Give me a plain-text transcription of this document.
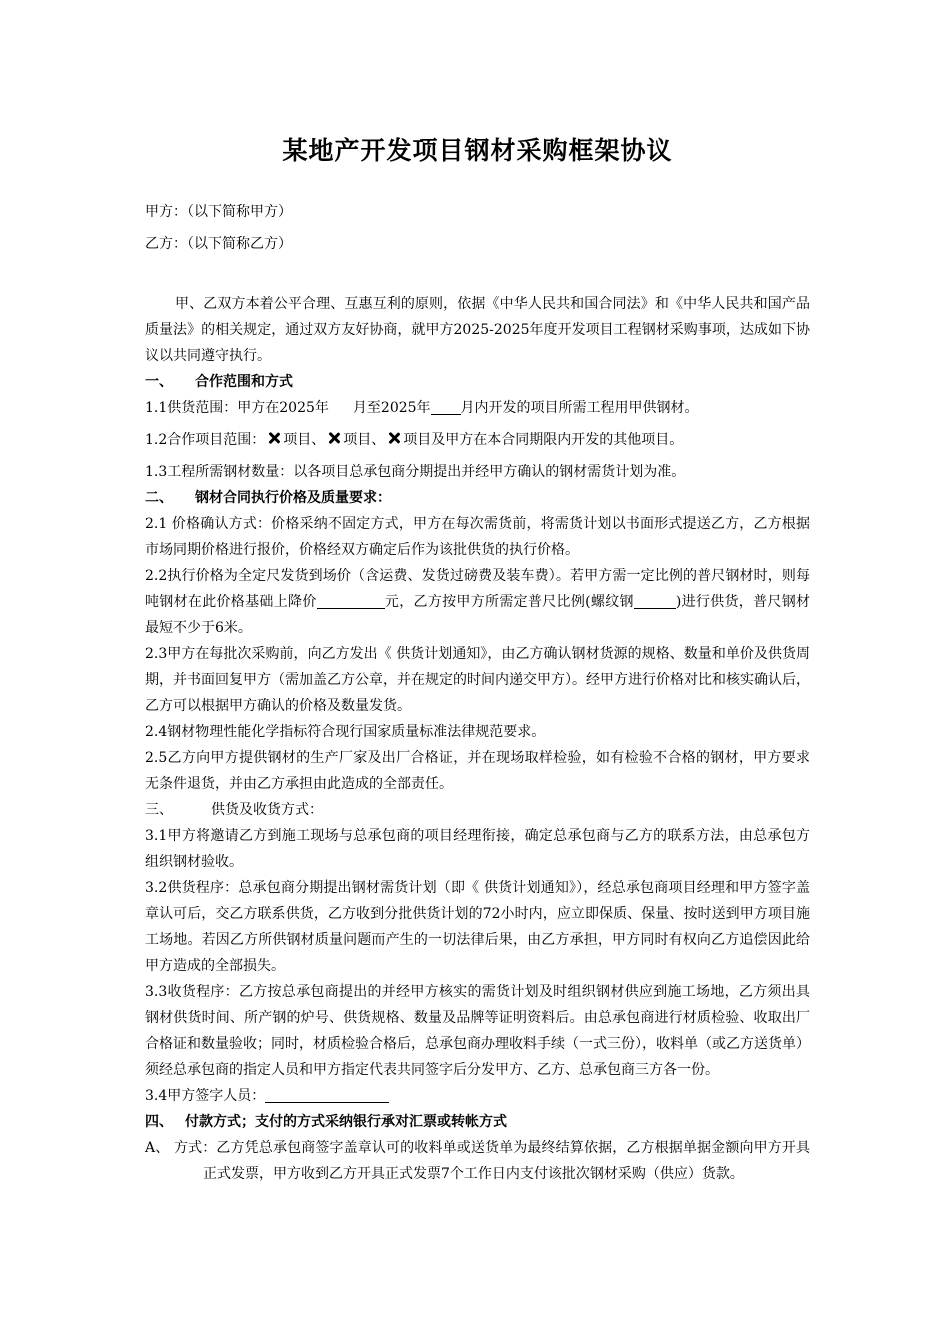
某地产开发项目钢材采购框架协议
甲方：（以下简称甲方）
乙方：（以下简称乙方）

甲、乙双方本着公平合理、互惠互利的原则，依据《中华人民共和国合同法》和《中华人民共和国产品质量法》的相关规定，通过双方友好协商，就甲方2025-2025年度开发项目工程钢材采购事项，达成如下协议以共同遵守执行。

一、 合作范围和方式

1.1供货范围：甲方在2025年 月至2025年 月内开发的项目所需工程用甲供钢材。

1.2合作项目范围： 项目、 项目、 项目及甲方在本合同期限内开发的其他项目。

1.3工程所需钢材数量：以各项目总承包商分期提出并经甲方确认的钢材需货计划为准。

二、 钢材合同执行价格及质量要求：

2.1 价格确认方式：价格采纳不固定方式，甲方在每次需货前，将需货计划以书面形式提送乙方，乙方根据市场同期价格进行报价，价格经双方确定后作为该批供货的执行价格。

2.2执行价格为全定尺发货到场价（含运费、发货过磅费及装车费）。若甲方需一定比例的普尺钢材时，则每吨钢材在此价格基础上降价	元，乙方按甲方所需定普尺比例(螺纹钢	)进行供货，普尺钢材最短不少于6米。

2.3甲方在每批次采购前，向乙方发出《 供货计划通知》，由乙方确认钢材货源的规格、数量和单价及供货周期，并书面回复甲方（需加盖乙方公章，并在规定的时间内递交甲方）。经甲方进行价格对比和核实确认后，乙方可以根据甲方确认的价格及数量发货。

2.4钢材物理性能化学指标符合现行国家质量标准法律规范要求。

2.5乙方向甲方提供钢材的生产厂家及出厂合格证，并在现场取样检验，如有检验不合格的钢材，甲方要求无条件退货，并由乙方承担由此造成的全部责任。

三、	供货及收货方式：

3.1甲方将邀请乙方到施工现场与总承包商的项目经理衔接，确定总承包商与乙方的联系方法，由总承包方组织钢材验收。

3.2供货程序：总承包商分期提出钢材需货计划（即《 供货计划通知》），经总承包商项目经理和甲方签字盖章认可后，交乙方联系供货，乙方收到分批供货计划的72小时内，应立即保质、保量、按时送到甲方项目施工场地。若因乙方所供钢材质量问题而产生的一切法律后果，由乙方承担，甲方同时有权向乙方追偿因此给甲方造成的全部损失。

3.3收货程序：乙方按总承包商提出的并经甲方核实的需货计划及时组织钢材供应到施工场地，乙方须出具钢材供货时间、所产钢的炉号、供货规格、数量及品牌等证明资料后。由总承包商进行材质检验、收取出厂合格证和数量验收；同时，材质检验合格后，总承包商办理收料手续（一式三份），收料单（或乙方送货单）须经总承包商的指定人员和甲方指定代表共同签字后分发甲方、乙方、总承包商三方各一份。

3.4甲方签字人员：

四、 付款方式；支付的方式采纳银行承对汇票或转帐方式

A、 方式：乙方凭总承包商签字盖章认可的收料单或送货单为最终结算依据，乙方根据单据金额向甲方开具正式发票，甲方收到乙方开具正式发票7个工作日内支付该批次钢材采购（供应）货款。
